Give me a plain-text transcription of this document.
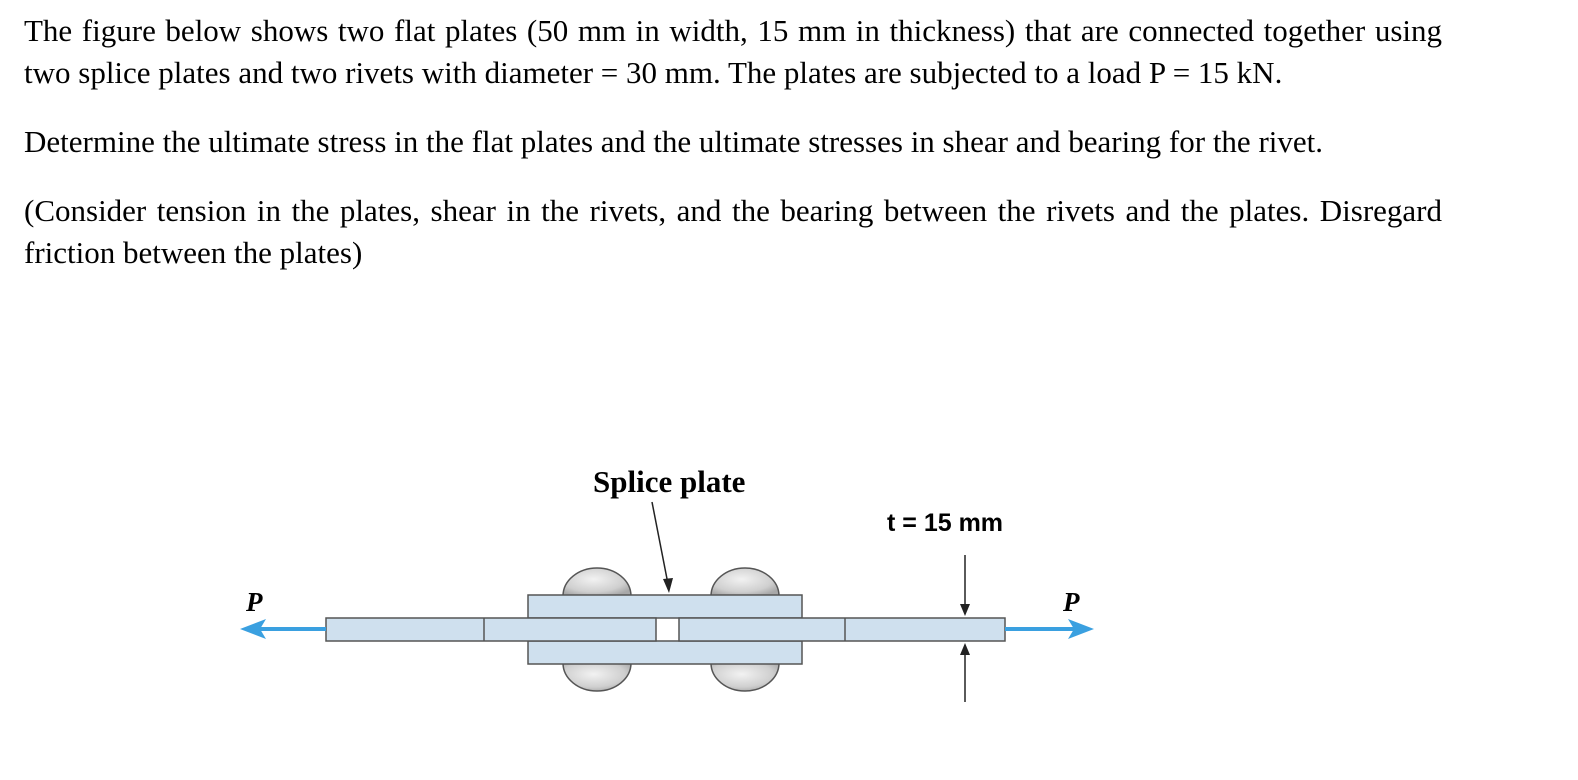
The figure below shows two flat plates (50 mm in width, 15 mm in thickness) that are connected together using two splice plates and two rivets with diameter = 30 mm. The plates are subjected to a load P = 15 kN.

Determine the ultimate stress in the flat plates and the ultimate stresses in shear and bearing for the rivet.

(Consider tension in the plates, shear in the rivets, and the bearing between the rivets and the plates. Disregard friction between the plates)

Splice plate
t = 15 mm
P	P
